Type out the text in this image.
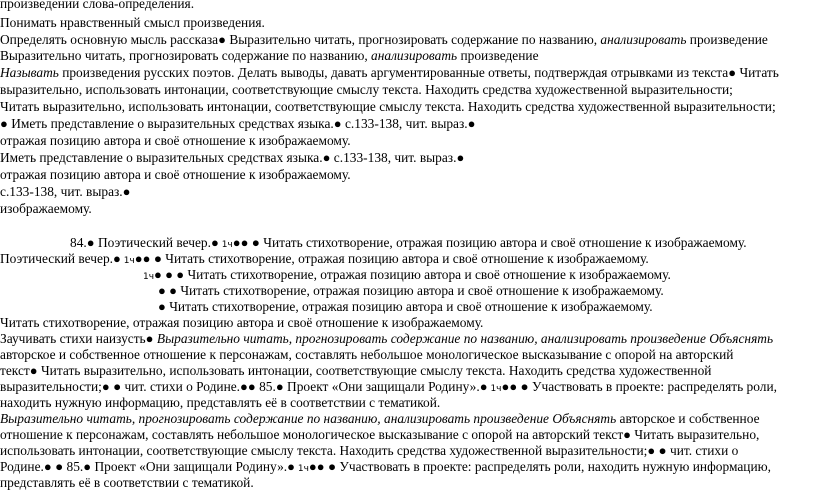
произведении слова-определения.
Понимать нравственный смысл произведения.
Определять основную мысль рассказа● Выразительно читать, прогнозировать содержание по названию, анализировать произведение
Выразительно читать, прогнозировать содержание по названию, анализировать произведение
Называть произведения русских поэтов. Делать выводы, давать аргументированные ответы, подтверждая отрывками из текста● Читать
выразительно, использовать интонации, соответствующие смыслу текста. Находить средства художественной выразительности;
Читать выразительно, использовать интонации, соответствующие смыслу текста. Находить средства художественной выразительности;
● Иметь представление о выразительных средствах языка.● с.133-138, чит. выраз.●
отражая позицию автора и своё отношение к изображаемому.
Иметь представление о выразительных средствах языка.● с.133-138, чит. выраз.●
отражая позицию автора и своё отношение к изображаемому.
с.133-138, чит. выраз.●
изображаемому.
84.● Поэтический вечер.● 1ч●● ● Читать стихотворение, отражая позицию автора и своё отношение к изображаемому.
Поэтический вечер.● 1ч●● ● Читать стихотворение, отражая позицию автора и своё отношение к изображаемому.
1ч● ● ● Читать стихотворение, отражая позицию автора и своё отношение к изображаемому.
● ● Читать стихотворение, отражая позицию автора и своё отношение к изображаемому.
● Читать стихотворение, отражая позицию автора и своё отношение к изображаемому.
Читать стихотворение, отражая позицию автора и своё отношение к изображаемому.
Заучивать стихи наизусть● Выразительно читать, прогнозировать содержание по названию, анализировать произведение Объяснять
авторское и собственное отношение к персонажам, составлять небольшое монологическое высказывание с опорой на авторский
текст● Читать выразительно, использовать интонации, соответствующие смыслу текста. Находить средства художественной
выразительности;● ● чит. стихи о Родине.●● 85.● Проект «Они защищали Родину».● 1ч●● ● Участвовать в проекте: распределять роли,
находить нужную информацию, представлять её в соответствии с тематикой.
Выразительно читать, прогнозировать содержание по названию, анализировать произведение Объяснять авторское и собственное
отношение к персонажам, составлять небольшое монологическое высказывание с опорой на авторский текст● Читать выразительно,
использовать интонации, соответствующие смыслу текста. Находить средства художественной выразительности;● ● чит. стихи о
Родине.● ● 85.● Проект «Они защищали Родину».● 1ч●● ● Участвовать в проекте: распределять роли, находить нужную информацию,
представлять её в соответствии с тематикой.
